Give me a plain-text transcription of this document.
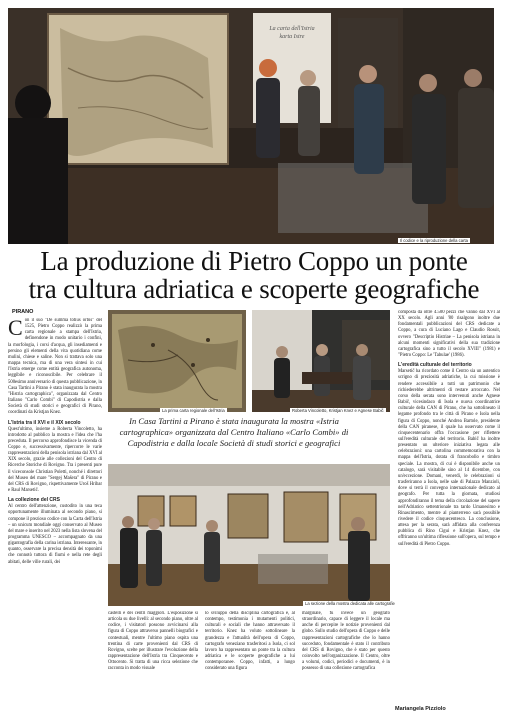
La carta dell'Istria
karta Istre
Il codice e la riproduzione della carta
La produzione di Pietro Coppo un ponte
tra cultura adriatica e scoperte geografiche
PIRANO
C on il suo "De summa totius orbis" del 1525, Pietro Coppo realizzò la prima carta regionale a stampa dell'Istria, definendone in modo unitario i confini, la morfologia, i corsi d'acqua, gli insediamenti e persino gli elementi della vita quotidiana come mulini, chiese e saline. Non si trattava solo una mappa tecnica, ma di una vera sintesi in cui l'Istria emerge come entità geografica autonoma, leggibile e riconoscibile. Per celebrare il 500esimo anniversario di questa pubblicazione, in Casa Tartini a Pirano è stata inaugurata la mostra "Histria cartographica", organizzata dal Centro Italiano "Carlo Combi" di Capodistria e dalla Società di studi storici e geografici di Pirano, coordinati da Kristjan Knez.
L'Istria tra il XVI e il XIX secolo
Quest'ultimo, insieme a Roberta Vincoletto, ha introdotto al pubblico la mostra e l'idea che l'ha preceduta. Il percorso approfondisce la vicenda di Coppo e, successivamente, ripercorre le varie rappresentazioni della penisola istriana dal XVI al XIX secolo, grazie alle collezioni del Centro di Ricerche Storiche di Rovigno. Tra i presenti pure il viceconsole Christian Poletti, nonché i direttori del Museo del mare "Sergej Mašera" di Pirano e del CRS di Rovigno, rispettivamente Uroš Hribar e Raul Marsetič.
La collezione del CRS
Al centro dell'attenzione, custodito in una teca opportunamente illuminata al secondo piano, si compone il prezioso codice con la Carta dell'Istria – un unicum mondiale oggi conservato al Museo del mare e inserito nel 2023 nella lista slovena del programma UNESCO – accompagnato da una gigantografia della carina istriana. Interessante, in quanto, osservare la precisa densità dei toponimi che connotò tuttora di fiumi e nella rete degli abitati, delle ville rurali, dei
La prima carta regionale dell'Istria	Roberta Vincoletto, Kristjan Knez e Agnese Babič
In Casa Tartini a Pirano è stata inaugurata la mostra «Istria cartographica» organizzata dal Centro Italiano «Carlo Combi» di Capodistria e dalla locale Società di studi storici e geografici
La sezione della mostra dedicata alle cartografie
castelli e dei centri maggiori. L'esposizione si articola su due livelli: al secondo piano, oltre al codice, i visitatori possono avvicinarsi alla figura di Coppo attraverso pannelli biografici e contestuali, mentre l'ultimo piano ospita una trentina di carte provenienti dal CRS di Rovigno, scelte per illustrare l'evoluzione della rappresentazione dell'Istria tra Cinquecento e Ottocento. Si tratta di una ricca selezione che racconta in modo visuale
lo sviluppo della disciplina cartografica e, al contempo, testimonia i mutamenti politici, culturali e sociali che hanno attraversato il territorio. Knez ha voluto sottolineare la grandezza e l'attualità dell'opera di Coppo, cartografo veneziano trasferitosi a Isola, ci sol lavoro ha rappresentato un ponte tra la cultura adriatica e le scoperte geografiche a lui contemporanee. Coppo, infatti, a lungo considerato una figura
marginale, fu invece un geografo straordinario, capace di leggere il locale ma anche di percepire le notizie provenienti dal globo. Sullo studio dell'opera di Coppo e delle rappresentazioni cartografiche che lo hanno succeduto, fondamentale è stato il contributo del CRS di Rovigno, che è stato per questo coinvolto nell'organizzazione. Il Centro, oltre a volumi, codici, periodici e documenti, è in possesso di una collezione cartografica
composta da oltre 4.500 pezzi che vanno dal XVI al XX secolo. Agli anni '80 risalgono inoltre due fondamentali pubblicazioni del CRS dedicate a Coppo, a cura di Luciano Lago e Claudio Rossit, ovvero "Descriptio Histriae – La penisola istriana in alcuni momenti significativi della sua tradizione cartografica sino a tutto il secolo XVIII" (1981) e "Pietro Coppo: Le 'Tabulae' (1986).
L'eredità culturale del territorio
Marsetič ha ricordato come il Centro sia un autentico scrigno di preziosità adriatiche, la cui missione è rendere accessibile a tutti un patrimonio che richiederebbe altrimenti di restare arroccato. Nel corso della serata sono intervenuti anche Agnese Babič, vicesindaco di Isola e nuova coordinatrice culturale della CAN di Pirano, che ha sottolineato il legame profondo tra le città di Pirano e Isola nella figura di Coppo, nonché Andrea Bartole, presidente della CAN piranese, il quale ha osservato come il cinquecentenario offra l'occasione per riflettere sull'eredità culturale del territorio. Babič ha inoltre presentato un ulteriore iniziativa legata alle celebrazioni: una cartolina commemorativa con la mappa dell'Istria, dotata di francobollo e timbro speciale. La mostra, di cui è disponibile anche un catalogo, sarà visitabile sino al 14 dicembre, con un'eccezione. Domani, venerdì, le celebrazioni si trasferiranno a Isola, nelle sale di Palazzo Manzioli, dove si terrà il convegno internazionale dedicato al geografo. Per tutta la giornata, studiosi approfondiranno il tema della circolazione del sapere nell'Adriatico settentrionale tra tardo Umanesimo e Rinascimento, mentre al pianterreno sarà possibile rivedere il codice cinquecentesco. La conclusione, attesa per la serata, sarà affidata alla conferenza pubblica di Rino Cigui e Kristjan Knez, che offriranno un'ultima riflessione sull'opera, sul tempo e sull'eredità di Pietro Coppo.
Mariangela Pizziolo
